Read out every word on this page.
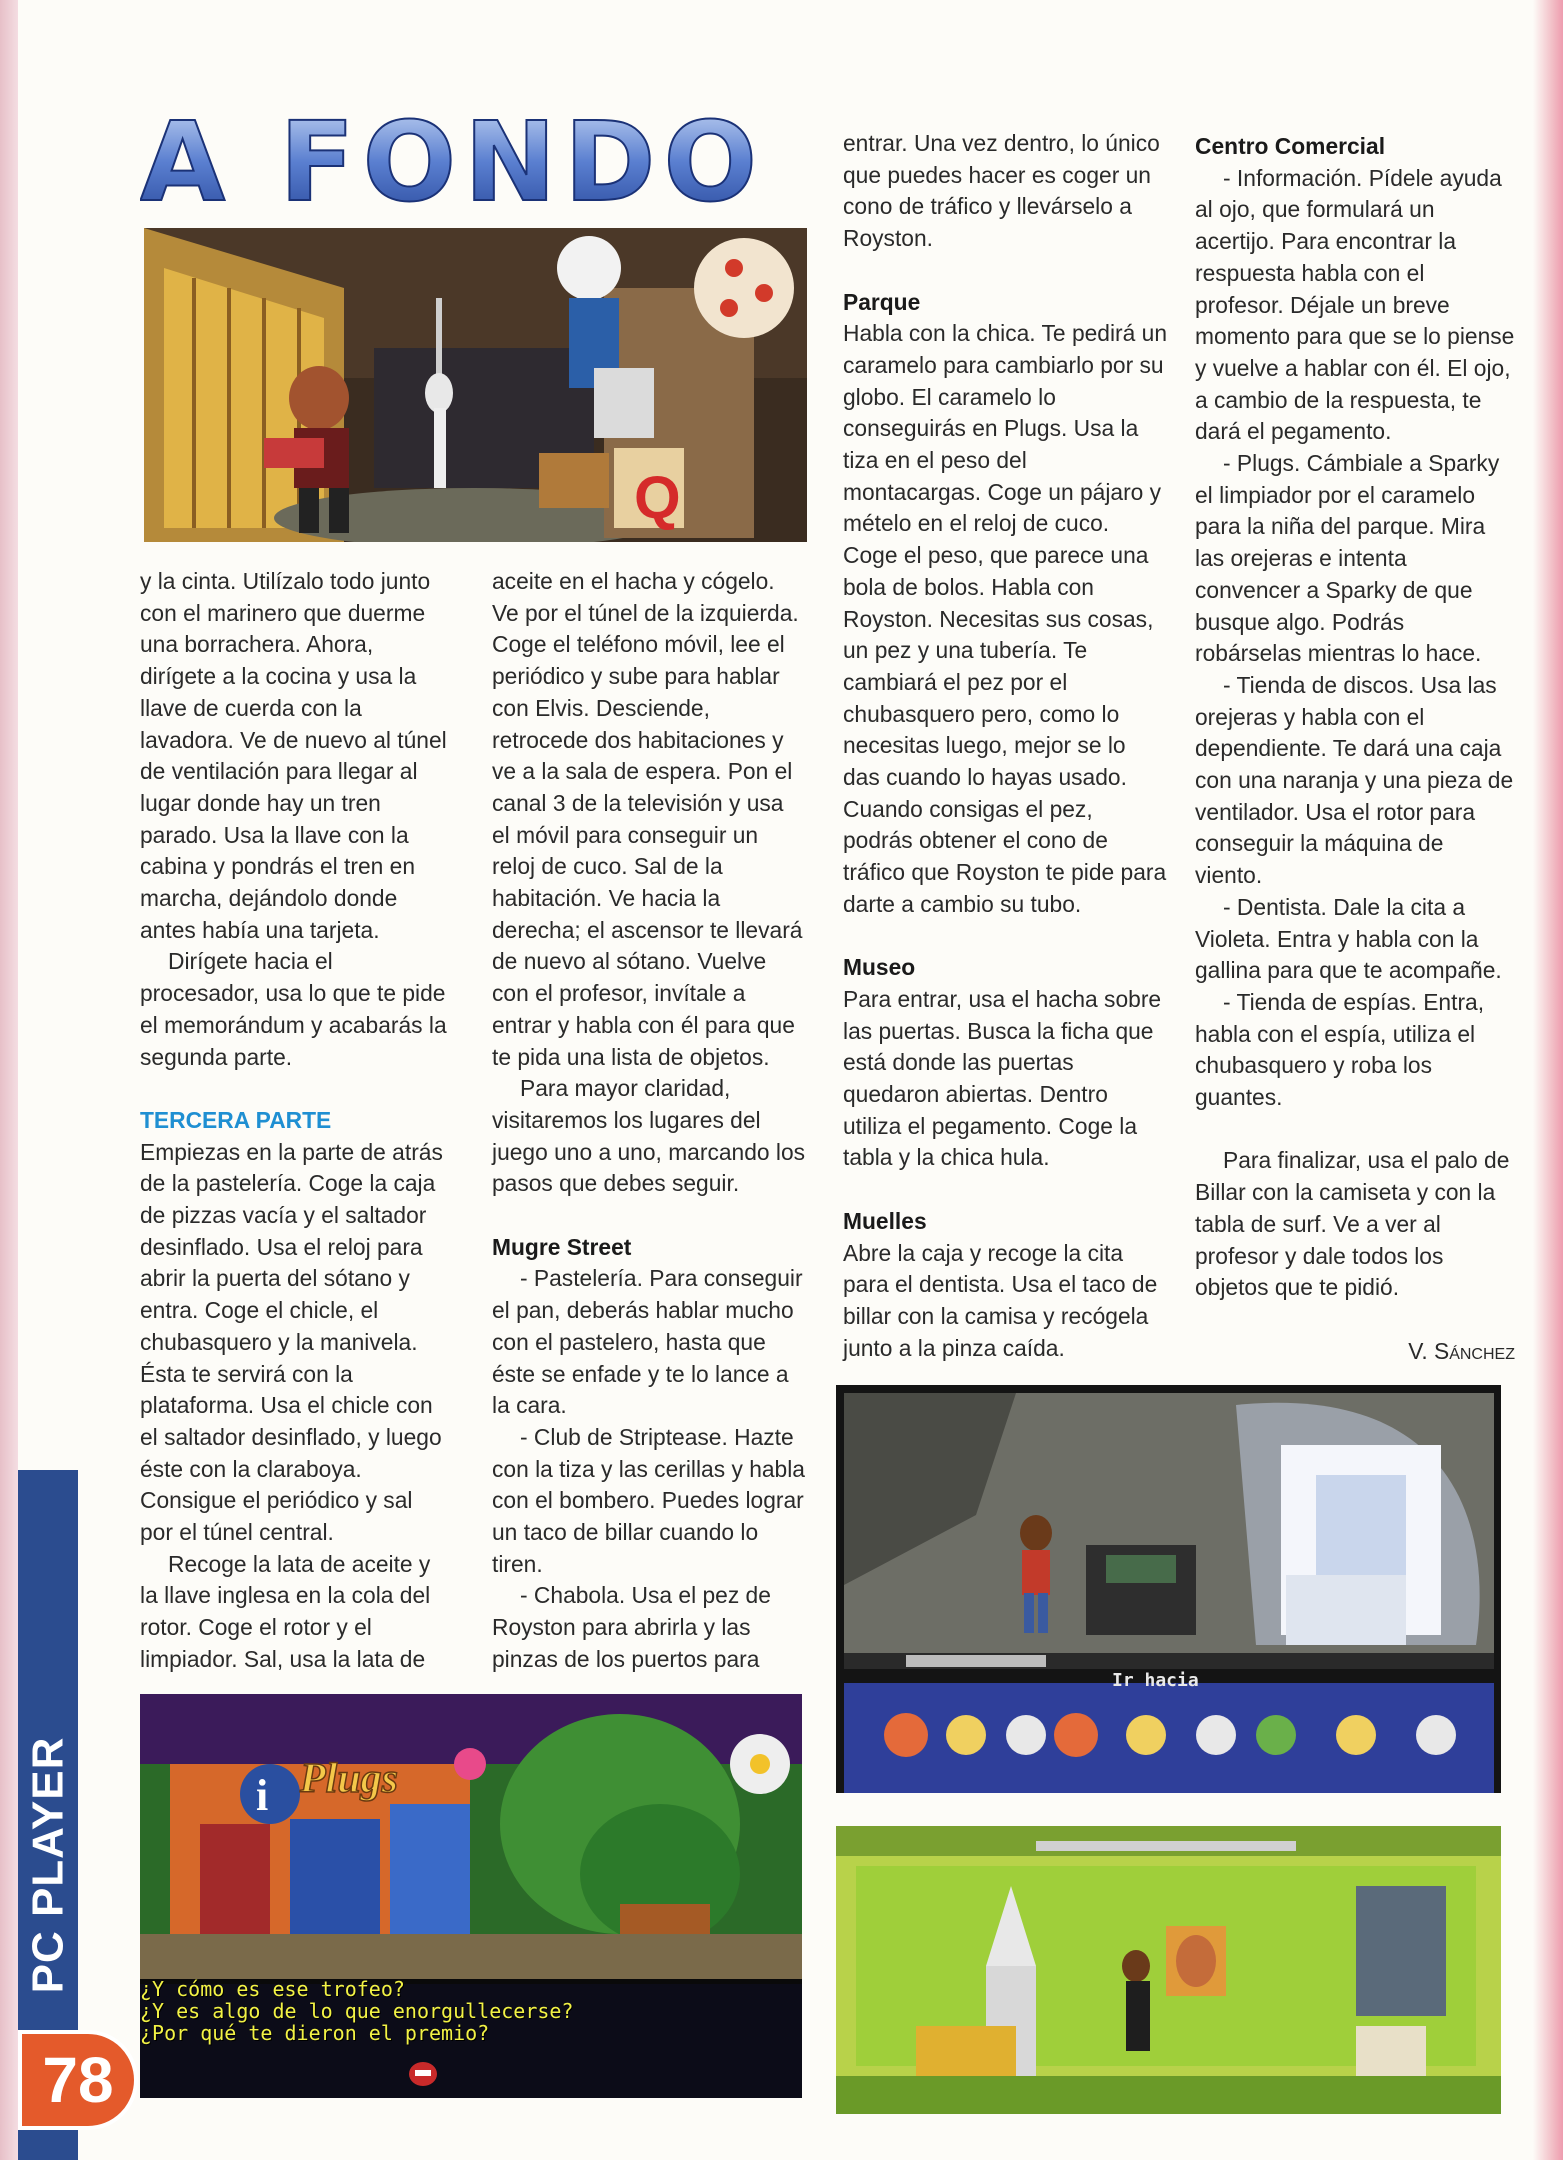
A FONDO
Q

y la cinta. Utilízalo todo junto con el marinero que duerme una borrachera. Ahora, dirígete a la cocina y usa la llave de cuerda con la lavadora. Ve de nuevo al túnel de ventilación para llegar al lugar donde hay un tren parado. Usa la llave con la cabina y pondrás el tren en marcha, dejándolo donde antes había una tarjeta.

Dirígete hacia el procesador, usa lo que te pide el memorándum y acabarás la segunda parte.

TERCERA PARTE

Empiezas en la parte de atrás de la pastelería. Coge la caja de pizzas vacía y el saltador desinflado. Usa el reloj para abrir la puerta del sótano y entra. Coge el chicle, el chubasquero y la manivela. Ésta te servirá con la plataforma. Usa el chicle con el saltador desinflado, y luego éste con la claraboya. Consigue el periódico y sal por el túnel central.

Recoge la lata de aceite y la llave inglesa en la cola del rotor. Coge el rotor y el limpiador. Sal, usa la lata de

aceite en el hacha y cógelo. Ve por el túnel de la izquierda. Coge el teléfono móvil, lee el periódico y sube para hablar con Elvis. Desciende, retrocede dos habitaciones y ve a la sala de espera. Pon el canal 3 de la televisión y usa el móvil para conseguir un reloj de cuco. Sal de la habitación. Ve hacia la derecha; el ascensor te llevará de nuevo al sótano. Vuelve con el profesor, invítale a entrar y habla con él para que te pida una lista de objetos.

Para mayor claridad, visitaremos los lugares del juego uno a uno, marcando los pasos que debes seguir.

Mugre Street

- Pastelería. Para conseguir el pan, deberás hablar mucho con el pastelero, hasta que éste se enfade y te lo lance a la cara.

- Club de Striptease. Hazte con la tiza y las cerillas y habla con el bombero. Puedes lograr un taco de billar cuando lo tiren.

- Chabola. Usa el pez de Royston para abrirla y las pinzas de los puertos para

entrar. Una vez dentro, lo único que puedes hacer es coger un cono de tráfico y llevárselo a Royston.

Parque

Habla con la chica. Te pedirá un caramelo para cambiarlo por su globo. El caramelo lo conseguirás en Plugs. Usa la tiza en el peso del montacargas. Coge un pájaro y mételo en el reloj de cuco. Coge el peso, que parece una bola de bolos. Habla con Royston. Necesitas sus cosas, un pez y una tubería. Te cambiará el pez por el chubasquero pero, como lo necesitas luego, mejor se lo das cuando lo hayas usado. Cuando consigas el pez, podrás obtener el cono de tráfico que Royston te pide para darte a cambio su tubo.

Museo

Para entrar, usa el hacha sobre las puertas. Busca la ficha que está donde las puertas quedaron abiertas. Dentro utiliza el pegamento. Coge la tabla y la chica hula.

Muelles

Abre la caja y recoge la cita para el dentista. Usa el taco de billar con la camisa y recógela junto a la pinza caída.

Centro Comercial

- Información. Pídele ayuda al ojo, que formulará un acertijo. Para encontrar la respuesta habla con el profesor. Déjale un breve momento para que se lo piense y vuelve a hablar con él. El ojo, a cambio de la respuesta, te dará el pegamento.

- Plugs. Cámbiale a Sparky el limpiador por el caramelo para la niña del parque. Mira las orejeras e intenta convencer a Sparky de que busque algo. Podrás robárselas mientras lo hace.

- Tienda de discos. Usa las orejeras y habla con el dependiente. Te dará una caja con una naranja y una pieza de ventilador. Usa el rotor para conseguir la máquina de viento.

- Dentista. Dale la cita a Violeta. Entra y habla con la gallina para que te acompañe.

- Tienda de espías. Entra, habla con el espía, utiliza el chubasquero y roba los guantes.

Para finalizar, usa el palo de Billar con la camiseta y con la tabla de surf. Ve a ver al profesor y dale todos los objetos que te pidió.

V. Sánchez

Ir hacia
i Plugs
¿Y cómo es ese trofeo?
¿Y es algo de lo que enorgullecerse?
¿Por qué te dieron el premio?
PC PLAYER
78
